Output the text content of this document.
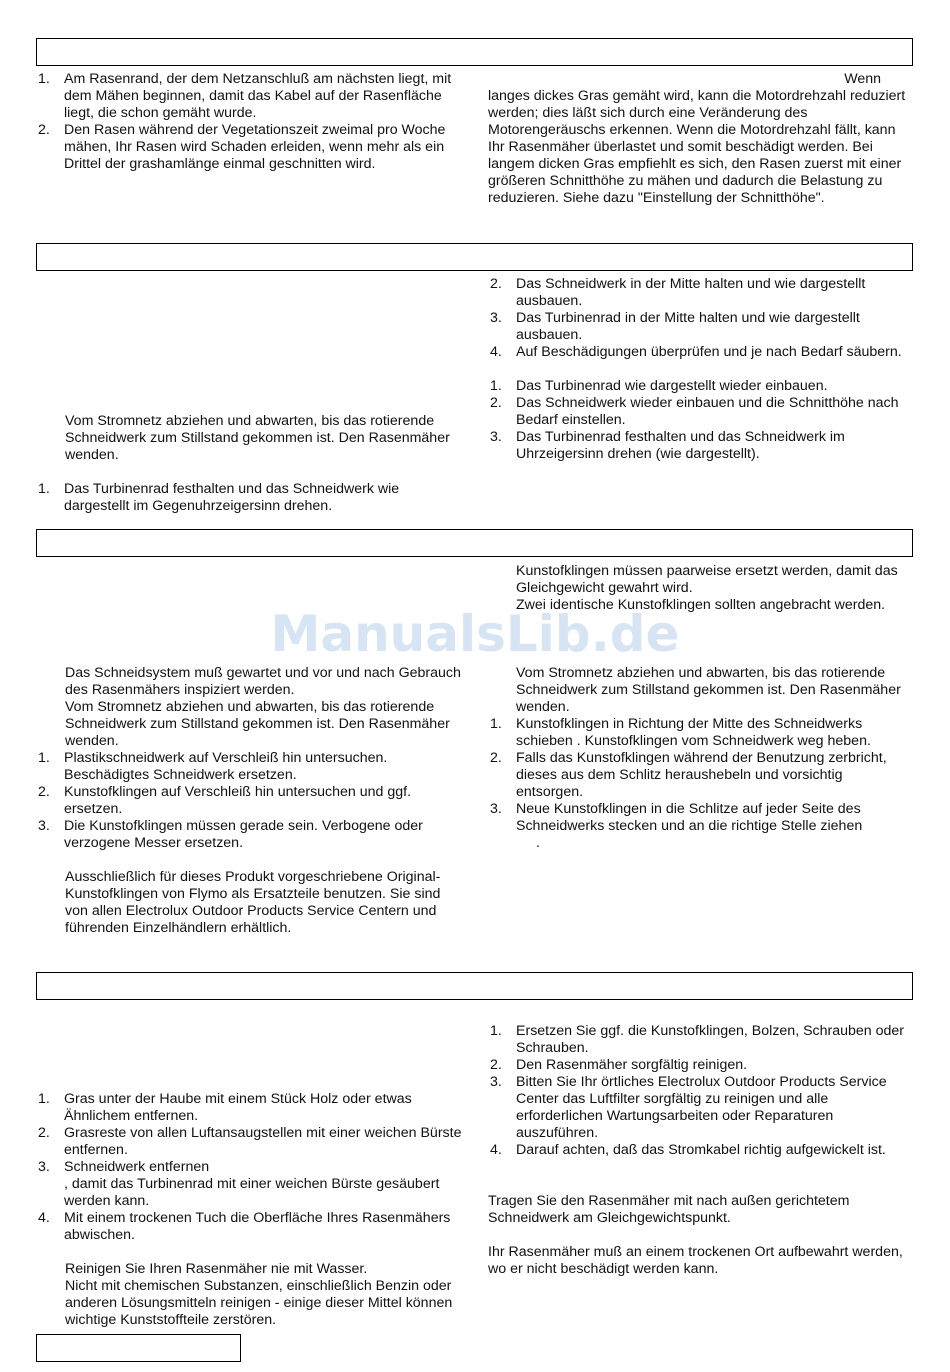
1. Am Rasenrand, der dem Netzanschluß am nächsten liegt, mit dem Mähen beginnen, damit das Kabel auf der Rasenfläche liegt, die schon gemäht wurde.
2. Den Rasen während der Vegetationszeit zweimal pro Woche mähen, Ihr Rasen wird Schaden erleiden, wenn mehr als ein Drittel der grashamlänge einmal geschnitten wird.

Wenn

langes dickes Gras gemäht wird, kann die Motordrehzahl reduziert werden; dies läßt sich durch eine Veränderung des Motorengeräuschs erkennen. Wenn die Motordrehzahl fällt, kann Ihr Rasenmäher überlastet und somit beschädigt werden. Bei langem dicken Gras empfiehlt es sich, den Rasen zuerst mit einer größeren Schnitthöhe zu mähen und dadurch die Belastung zu reduzieren. Siehe dazu "Einstellung der Schnitthöhe".

Vom Stromnetz abziehen und abwarten, bis das rotierende Schneidwerk zum Stillstand gekommen ist. Den Rasenmäher wenden.

1. Das Turbinenrad festhalten und das Schneidwerk wie dargestellt im Gegenuhrzeigersinn drehen.
2. Das Schneidwerk in der Mitte halten und wie dargestellt ausbauen.
3. Das Turbinenrad in der Mitte halten und wie dargestellt ausbauen.
4. Auf Beschädigungen überprüfen und je nach Bedarf säubern.
1. Das Turbinenrad wie dargestellt wieder einbauen.
2. Das Schneidwerk wieder einbauen und die Schnitthöhe nach Bedarf einstellen.
3. Das Turbinenrad festhalten und das Schneidwerk im Uhrzeigersinn drehen (wie dargestellt).

Das Schneidsystem muß gewartet und vor und nach Gebrauch des Rasenmähers inspiziert werden.

Vom Stromnetz abziehen und abwarten, bis das rotierende Schneidwerk zum Stillstand gekommen ist. Den Rasenmäher wenden.

1. Plastikschneidwerk auf Verschleiß hin untersuchen. Beschädigtes Schneidwerk ersetzen.
2. Kunstofklingen auf Verschleiß hin untersuchen und ggf. ersetzen.
3. Die Kunstofklingen müssen gerade sein. Verbogene oder verzogene Messer ersetzen.

Ausschließlich für dieses Produkt vorgeschriebene Original-Kunstofklingen von Flymo als Ersatzteile benutzen. Sie sind von allen Electrolux Outdoor Products Service Centern und führenden Einzelhändlern erhältlich.

Kunstofklingen müssen paarweise ersetzt werden, damit das Gleichgewicht gewahrt wird.

Zwei identische Kunstofklingen sollten angebracht werden.

Vom Stromnetz abziehen und abwarten, bis das rotierende Schneidwerk zum Stillstand gekommen ist. Den Rasenmäher wenden.

1. Kunstofklingen in Richtung der Mitte des Schneidwerks schieben . Kunstofklingen vom Schneidwerk weg heben.
2. Falls das Kunstofklingen während der Benutzung zerbricht, dieses aus dem Schlitz heraushebeln und vorsichtig entsorgen.
3. Neue Kunstofklingen in die Schlitze auf jeder Seite des Schneidwerks stecken und an die richtige Stelle ziehen

.

1. Gras unter der Haube mit einem Stück Holz oder etwas Ähnlichem entfernen.
2. Grasreste von allen Luftansaugstellen mit einer weichen Bürste entfernen.
3. Schneidwerk entfernen
, damit das Turbinenrad mit einer weichen Bürste gesäubert werden kann.
4. Mit einem trockenen Tuch die Oberfläche Ihres Rasenmähers abwischen.

Reinigen Sie Ihren Rasenmäher nie mit Wasser.

Nicht mit chemischen Substanzen, einschließlich Benzin oder anderen Lösungsmitteln reinigen - einige dieser Mittel können wichtige Kunststoffteile zerstören.

1. Ersetzen Sie ggf. die Kunstofklingen, Bolzen, Schrauben oder Schrauben.
2. Den Rasenmäher sorgfältig reinigen.
3. Bitten Sie Ihr örtliches Electrolux Outdoor Products Service Center das Luftfilter sorgfältig zu reinigen und alle erforderlichen Wartungsarbeiten oder Reparaturen auszuführen.
4. Darauf achten, daß das Stromkabel richtig aufgewickelt ist.

Tragen Sie den Rasenmäher mit nach außen gerichtetem Schneidwerk am Gleichgewichtspunkt.

Ihr Rasenmäher muß an einem trockenen Ort aufbewahrt werden, wo er nicht beschädigt werden kann.

ManualsLib.de
